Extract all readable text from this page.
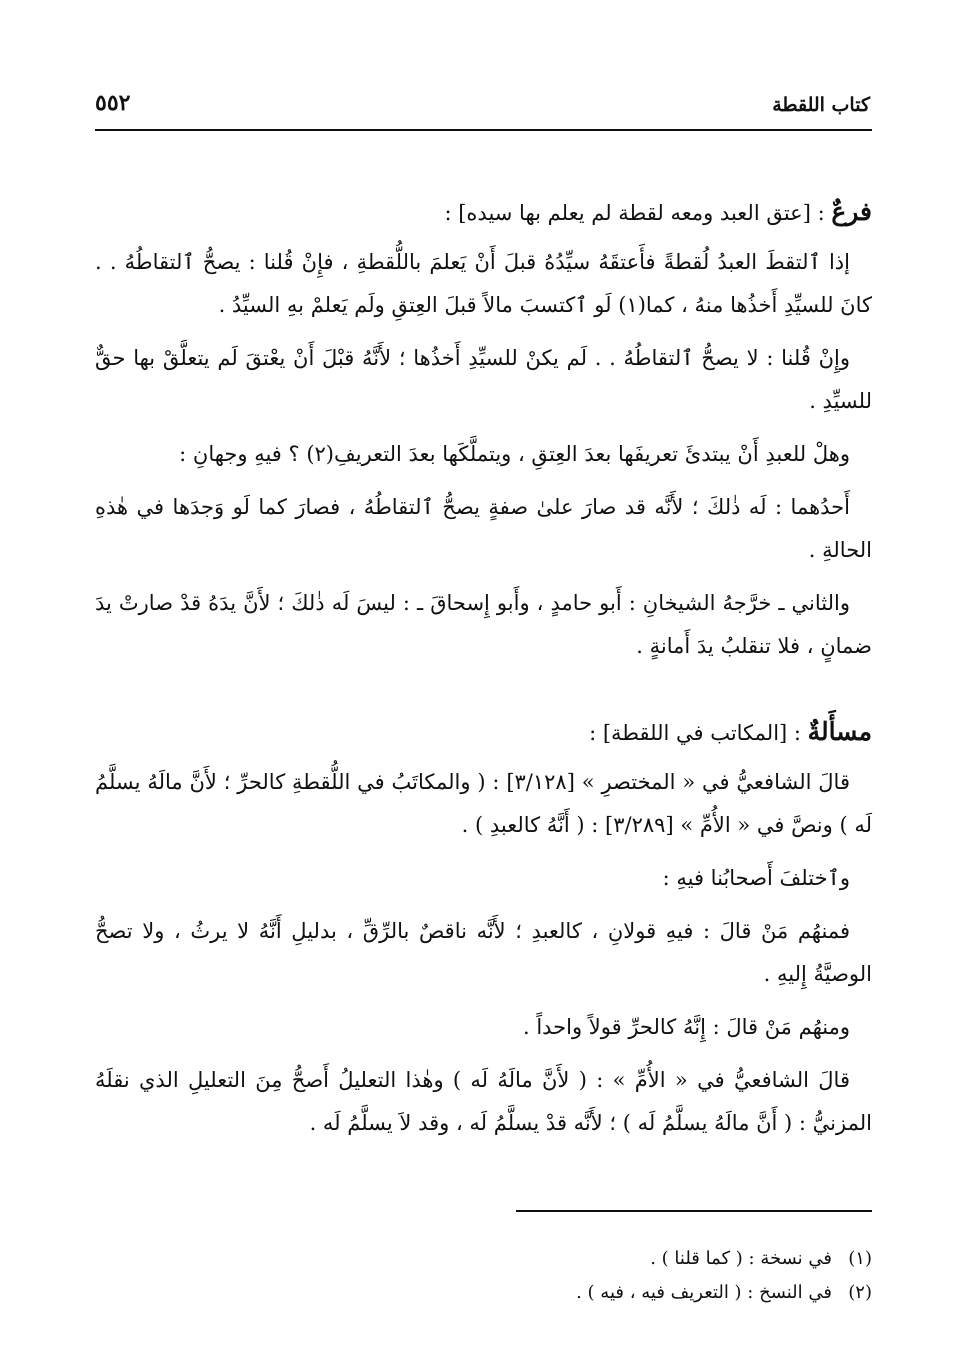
كتاب اللقطة
٥٥٢

فرعٌ : [عتق العبد ومعه لقطة لم يعلم بها سيده] :

إذا ٱلتقطَ العبدُ لُقطةً فأَعتقَهُ سيِّدُهُ قبلَ أَنْ يَعلمَ باللُّقطةِ ، فإِنْ قُلنا : يصحُّ ٱلتقاطُهُ . . كانَ للسيِّدِ أَخذُها منهُ ، كما(١) لَو ٱكتسبَ مالاً قبلَ العِتقِ ولَم يَعلمْ بهِ السيِّدُ .

وإِنْ قُلنا : لا يصحُّ ٱلتقاطُهُ . . لَم يكنْ للسيِّدِ أَخذُها ؛ لأَنَّهُ قبْلَ أَنْ يعْتقَ لَم يتعلَّقْ بها حقٌّ للسيِّدِ .

وهلْ للعبدِ أَنْ يبتدئَ تعريفَها بعدَ العِتقِ ، ويتملَّكَها بعدَ التعريفِ(٢) ؟ فيهِ وجهانِ :

أَحدُهما : لَه ذٰلكَ ؛ لأَنَّه قد صارَ علىٰ صفةٍ يصحُّ ٱلتقاطُهُ ، فصارَ كما لَو وَجدَها في هٰذهِ الحالةِ .

والثاني ـ خرَّجهُ الشيخانِ : أَبو حامدٍ ، وأَبو إِسحاقَ ـ : ليسَ لَه ذٰلكَ ؛ لأَنَّ يدَهُ قدْ صارتْ يدَ ضمانٍ ، فلا تنقلبُ يدَ أَمانةٍ .

مسأَلةٌ : [المكاتب في اللقطة] :

قالَ الشافعيُّ في « المختصرِ » [٣/١٢٨] : ( والمكاتَبُ في اللُّقطةِ كالحرِّ ؛ لأَنَّ مالَهُ يسلَّمُ لَه ) ونصَّ في « الأُمِّ » [٣/٢٨٩] : ( أَنَّهُ كالعبدِ ) .

وٱختلفَ أَصحابُنا فيهِ :

فمنهُم مَنْ قالَ : فيهِ قولانِ ، كالعبدِ ؛ لأَنَّه ناقصٌ بالرِّقِّ ، بدليلِ أَنَّهُ لا يرثُ ، ولا تصحُّ الوصيَّةُ إِليهِ .

ومنهُم مَنْ قالَ : إِنَّهُ كالحرِّ قولاً واحداً .

قالَ الشافعيُّ في « الأُمِّ » : ( لأَنَّ مالَهُ لَه ) وهٰذا التعليلُ أَصحُّ مِنَ التعليلِ الذي نقلَهُ المزنيُّ : ( أَنَّ مالَهُ يسلَّمُ لَه ) ؛ لأَنَّه قدْ يسلَّمُ لَه ، وقد لاَ يسلَّمُ لَه .

(١)في نسخة : ( كما قلنا ) .

(٢)في النسخ : ( التعريف فيه ، فيه ) .
